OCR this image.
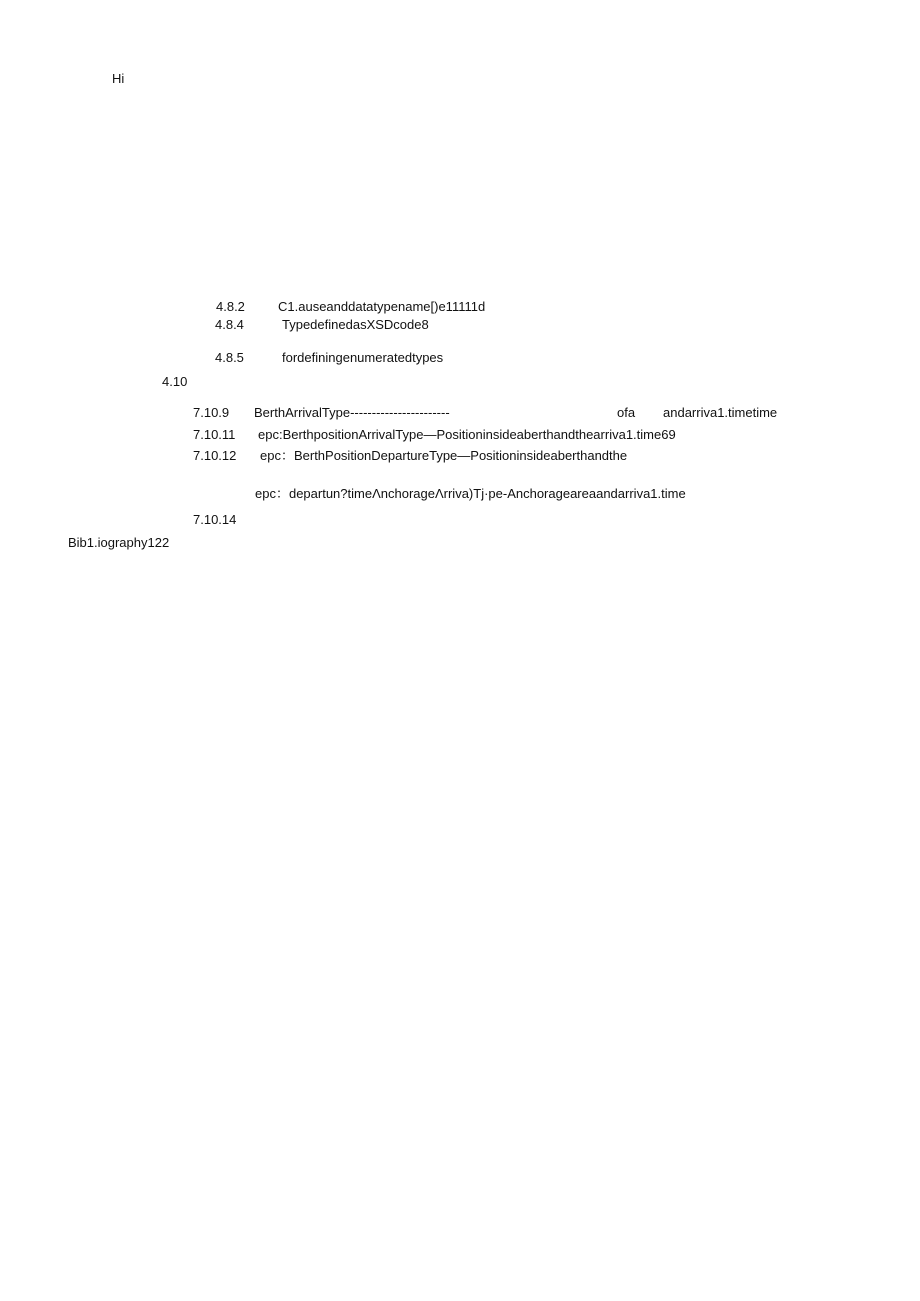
Hi
4.8.2	C1.auseanddatatypename[)e11111d
4.8.4	TypedefinedasXSDcode8
4.8.5	fordefiningenumeratedtypes
4.10
7.10.9 BerthArrivalType-----------------------	ofa andarriva1.timetime
7.10.11 epc:BerthpositionArrivalType—Positioninsideaberthandthearriva1.time69
7.10.12 epc：BerthPositionDepartureType—Positioninsideaberthandthe
epc：departun?timeΛnchorageΛrriva)Tj·pe-Anchorageareaandarriva1.time
7.10.14
Bib1.iography122
